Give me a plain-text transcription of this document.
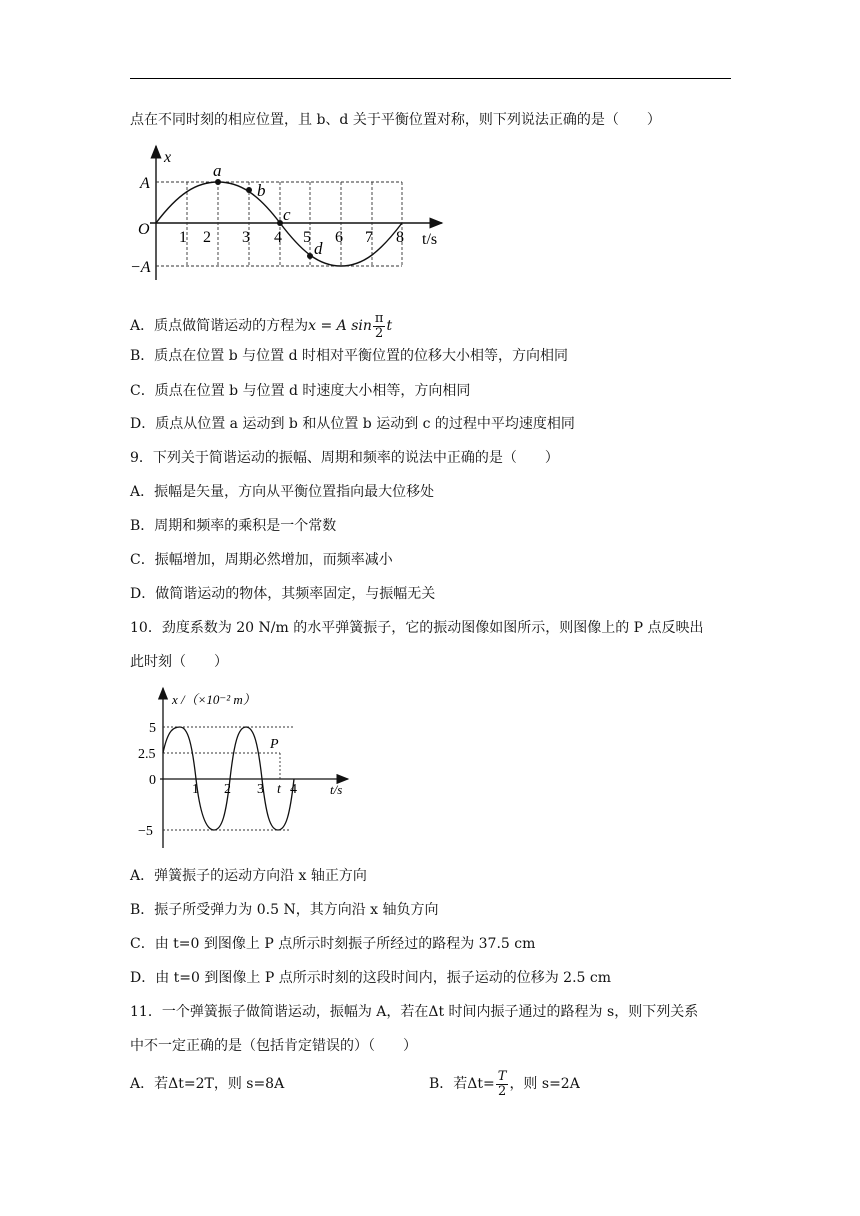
点在不同时刻的相应位置，且 b、d 关于平衡位置对称，则下列说法正确的是（　　）
x
A
−A
O
t/s
1 2 3 4 5 6 7 8
a
b
c
d
A．质点做简谐运动的方程为x = A $\sin \frac{\pi}{2}$ t
B．质点在位置 b 与位置 d 时相对平衡位置的位移大小相等，方向相同
C．质点在位置 b 与位置 d 时速度大小相等，方向相同
D．质点从位置 a 运动到 b 和从位置 b 运动到 c 的过程中平均速度相同
9．下列关于简谐运动的振幅、周期和频率的说法中正确的是（　　）
A．振幅是矢量，方向从平衡位置指向最大位移处
B．周期和频率的乘积是一个常数
C．振幅增加，周期必然增加，而频率减小
D．做简谐运动的物体，其频率固定，与振幅无关
10．劲度系数为 20 N/m 的水平弹簧振子，它的振动图像如图所示，则图像上的 P 点反映出
此时刻（　　）
x /（×10⁻² m）
t/s
5
2.5
0
−5
1 2 3 t 4
P
A．弹簧振子的运动方向沿 x 轴正方向
B．振子所受弹力为 0.5 N，其方向沿 x 轴负方向
C．由 t=0 到图像上 P 点所示时刻振子所经过的路程为 37.5 cm
D．由 t=0 到图像上 P 点所示时刻的这段时间内，振子运动的位移为 2.5 cm
11．一个弹簧振子做简谐运动，振幅为 A，若在Δt 时间内振子通过的路程为 s，则下列关系
中不一定正确的是（包括肯定错误的）（　　）
A．若Δt=2T，则 s=8A	B．若$\Delta t= \frac{T}{2}$ ，则 s=2A
